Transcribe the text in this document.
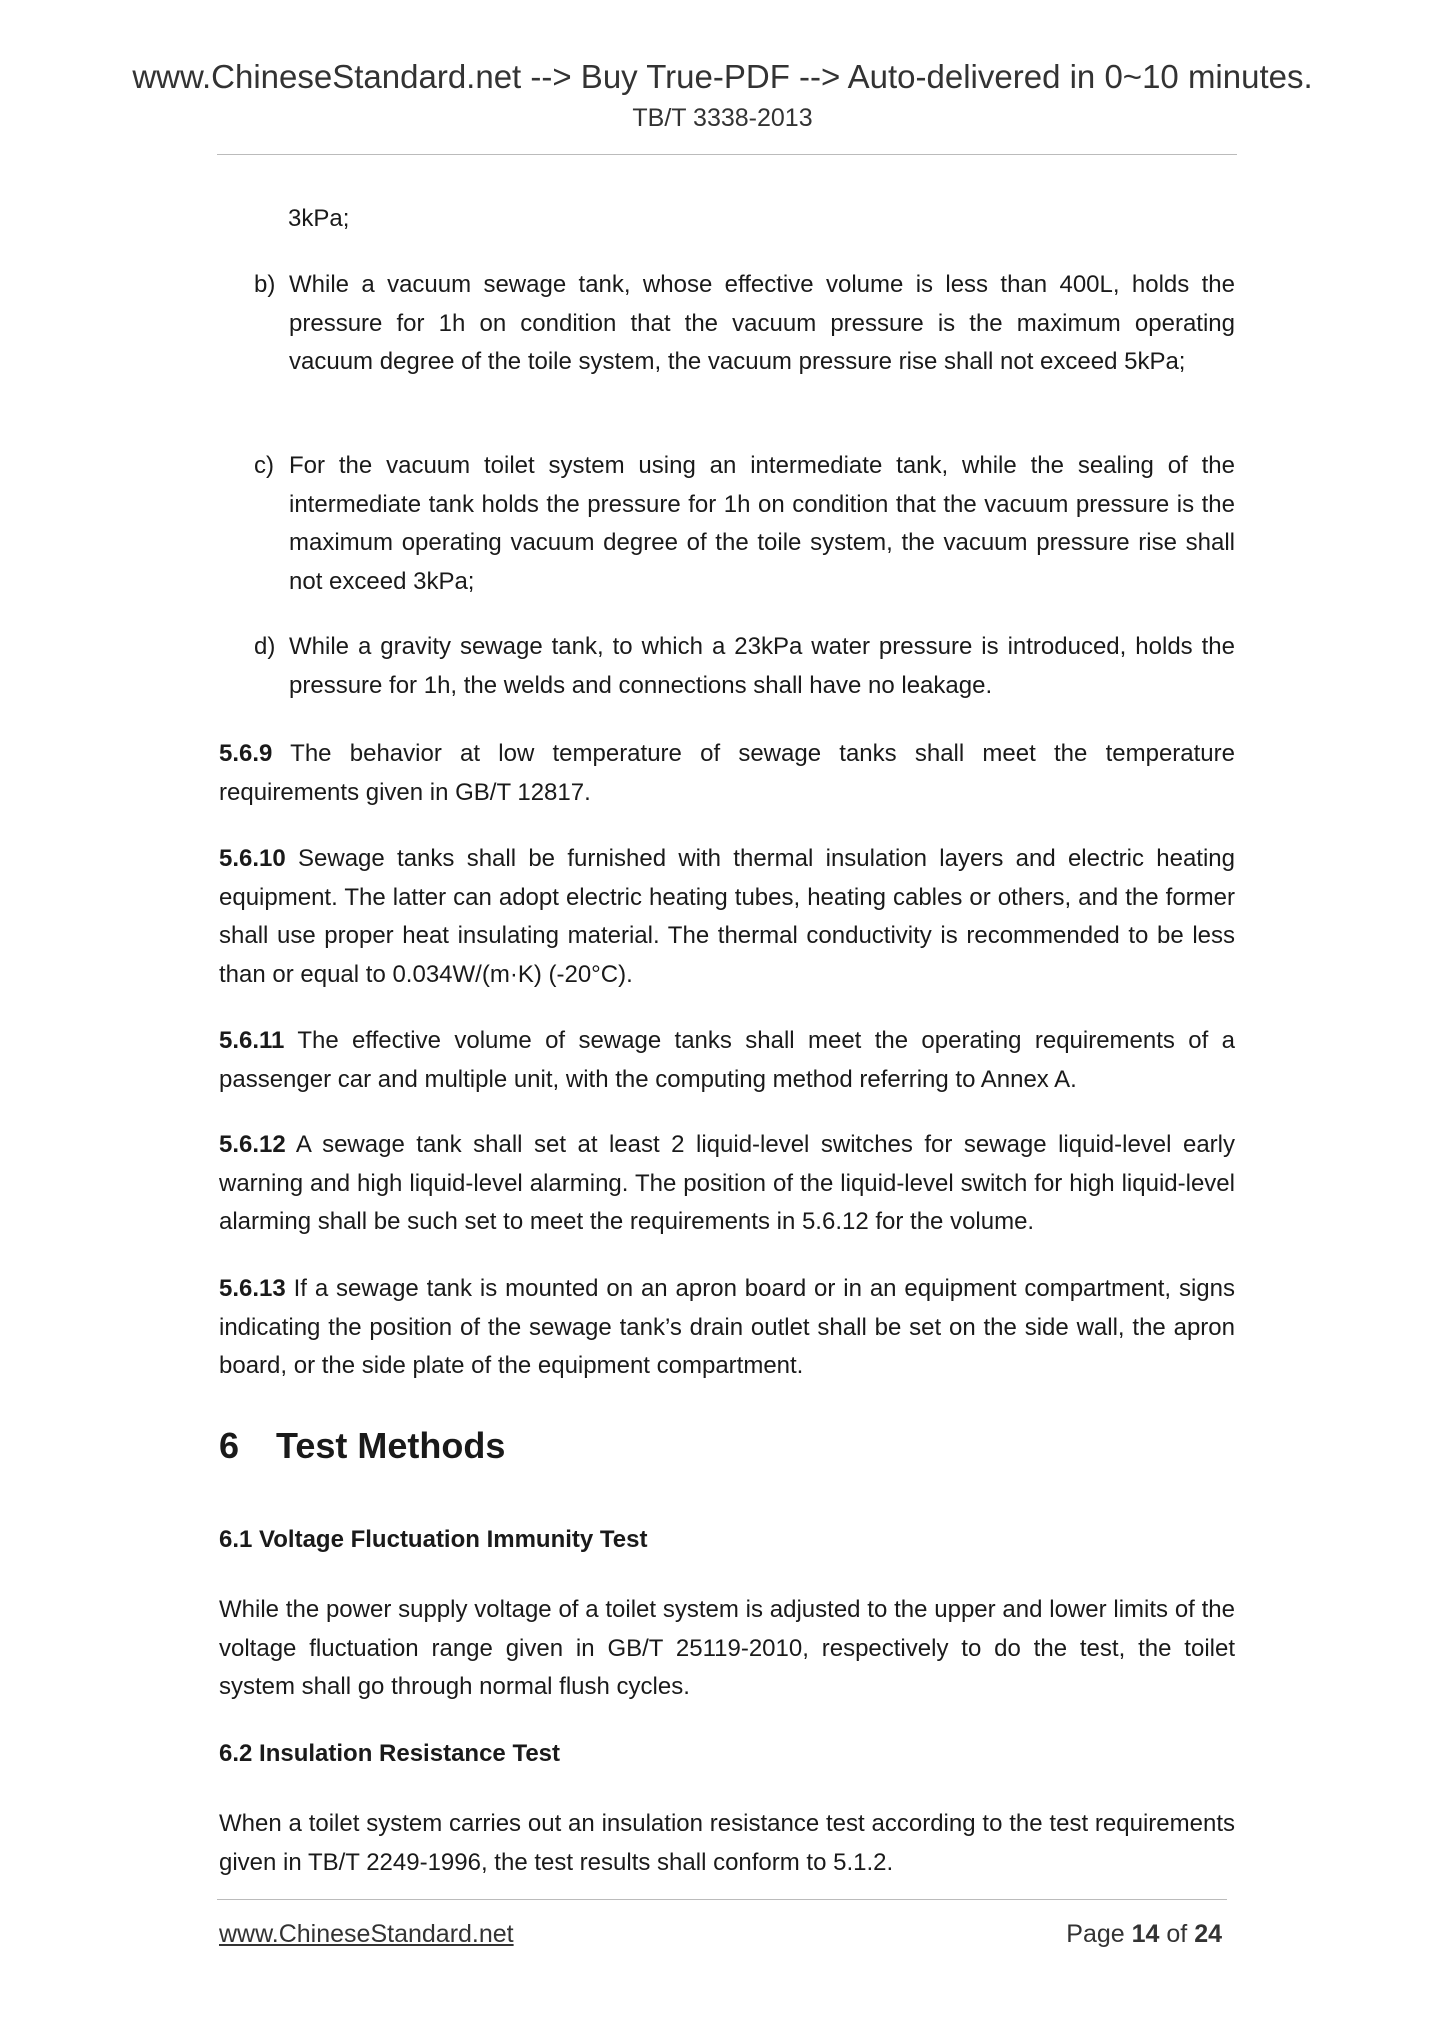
www.ChineseStandard.net --> Buy True-PDF --> Auto-delivered in 0~10 minutes.
TB/T 3338-2013
3kPa;
b) While a vacuum sewage tank, whose effective volume is less than 400L, holds the pressure for 1h on condition that the vacuum pressure is the maximum operating vacuum degree of the toile system, the vacuum pressure rise shall not exceed 5kPa;
c) For the vacuum toilet system using an intermediate tank, while the sealing of the intermediate tank holds the pressure for 1h on condition that the vacuum pressure is the maximum operating vacuum degree of the toile system, the vacuum pressure rise shall not exceed 3kPa;
d) While a gravity sewage tank, to which a 23kPa water pressure is introduced, holds the pressure for 1h, the welds and connections shall have no leakage.
5.6.9 The behavior at low temperature of sewage tanks shall meet the temperature requirements given in GB/T 12817.
5.6.10 Sewage tanks shall be furnished with thermal insulation layers and electric heating equipment. The latter can adopt electric heating tubes, heating cables or others, and the former shall use proper heat insulating material. The thermal conductivity is recommended to be less than or equal to 0.034W/(m·K) (-20°C).
5.6.11 The effective volume of sewage tanks shall meet the operating requirements of a passenger car and multiple unit, with the computing method referring to Annex A.
5.6.12 A sewage tank shall set at least 2 liquid-level switches for sewage liquid-level early warning and high liquid-level alarming. The position of the liquid-level switch for high liquid-level alarming shall be such set to meet the requirements in 5.6.12 for the volume.
5.6.13 If a sewage tank is mounted on an apron board or in an equipment compartment, signs indicating the position of the sewage tank’s drain outlet shall be set on the side wall, the apron board, or the side plate of the equipment compartment.
6 Test Methods
6.1 Voltage Fluctuation Immunity Test
While the power supply voltage of a toilet system is adjusted to the upper and lower limits of the voltage fluctuation range given in GB/T 25119-2010, respectively to do the test, the toilet system shall go through normal flush cycles.
6.2 Insulation Resistance Test
When a toilet system carries out an insulation resistance test according to the test requirements given in TB/T 2249-1996, the test results shall conform to 5.1.2.
www.ChineseStandard.net	Page 14 of 24
